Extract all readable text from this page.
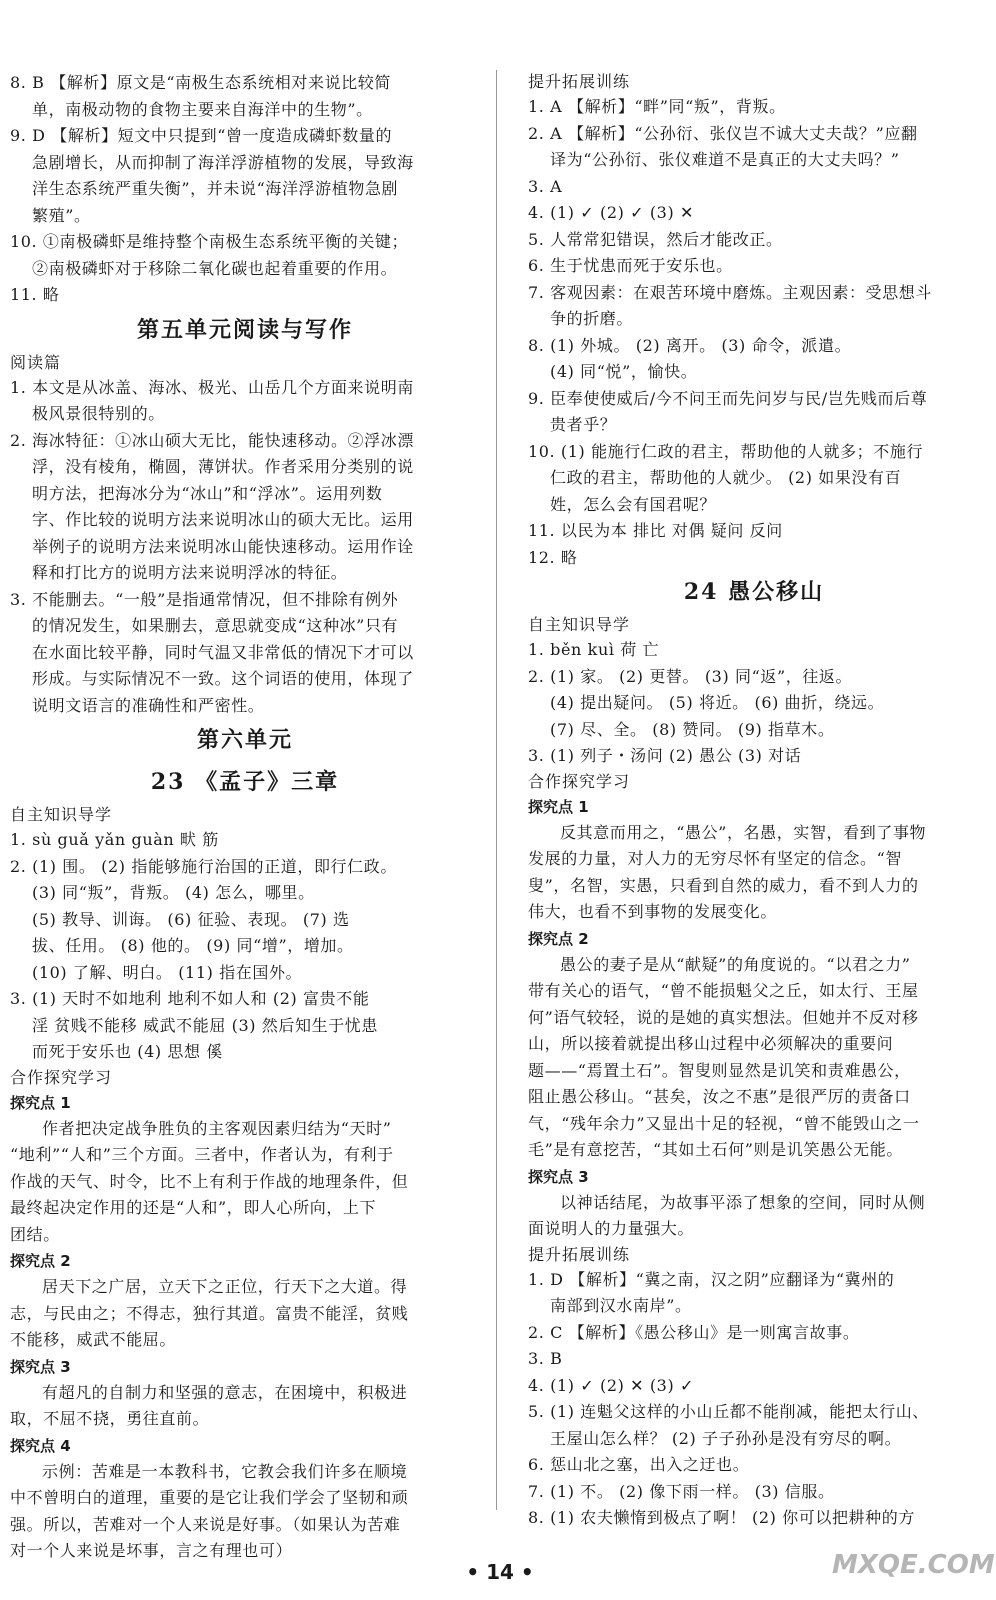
8. B 【解析】原文是“南极生态系统相对来说比较简
单，南极动物的食物主要来自海洋中的生物”。
9. D 【解析】短文中只提到“曾一度造成磷虾数量的
急剧增长，从而抑制了海洋浮游植物的发展，导致海
洋生态系统严重失衡”，并未说“海洋浮游植物急剧
繁殖”。
10. ①南极磷虾是维持整个南极生态系统平衡的关键；
②南极磷虾对于移除二氧化碳也起着重要的作用。
11. 略
第五单元阅读与写作
阅读篇
1. 本文是从冰盖、海冰、极光、山岳几个方面来说明南
极风景很特别的。
2. 海冰特征：①冰山硕大无比，能快速移动。②浮冰漂
浮，没有棱角，椭圆，薄饼状。作者采用分类别的说
明方法，把海冰分为“冰山”和“浮冰”。运用列数
字、作比较的说明方法来说明冰山的硕大无比。运用
举例子的说明方法来说明冰山能快速移动。运用作诠
释和打比方的说明方法来说明浮冰的特征。
3. 不能删去。“一般”是指通常情况，但不排除有例外
的情况发生，如果删去，意思就变成“这种冰”只有
在水面比较平静，同时气温又非常低的情况下才可以
形成。与实际情况不一致。这个词语的使用，体现了
说明文语言的准确性和严密性。
第六单元
23 《孟子》三章
自主知识导学
1. sù guǎ yǎn guàn 畎 筋
2. (1) 围。 (2) 指能够施行治国的正道，即行仁政。
(3) 同“叛”，背叛。 (4) 怎么，哪里。
(5) 教导、训诲。 (6) 征验、表现。 (7) 选
拔、任用。 (8) 他的。 (9) 同“增”，增加。
(10) 了解、明白。 (11) 指在国外。
3. (1) 天时不如地利 地利不如人和 (2) 富贵不能
淫 贫贱不能移 威武不能屈 (3) 然后知生于忧患
而死于安乐也 (4) 思想 傒
合作探究学习
探究点 1
作者把决定战争胜负的主客观因素归结为“天时”
“地利”“人和”三个方面。三者中，作者认为，有利于
作战的天气、时令，比不上有利于作战的地理条件，但
最终起决定作用的还是“人和”，即人心所向，上下
团结。
探究点 2
居天下之广居，立天下之正位，行天下之大道。得
志，与民由之；不得志，独行其道。富贵不能淫，贫贱
不能移，威武不能屈。
探究点 3
有超凡的自制力和坚强的意志，在困境中，积极进
取，不屈不挠，勇往直前。
探究点 4
示例：苦难是一本教科书，它教会我们许多在顺境
中不曾明白的道理，重要的是它让我们学会了坚韧和顽
强。所以，苦难对一个人来说是好事。（如果认为苦难
对一个人来说是坏事，言之有理也可）
提升拓展训练
1. A 【解析】“畔”同“叛”，背叛。
2. A 【解析】“公孙衍、张仪岂不诚大丈夫哉？”应翻
译为“公孙衍、张仪难道不是真正的大丈夫吗？”
3. A
4. (1) ✓ (2) ✓ (3) ✕
5. 人常常犯错误，然后才能改正。
6. 生于忧患而死于安乐也。
7. 客观因素：在艰苦环境中磨炼。主观因素：受思想斗
争的折磨。
8. (1) 外城。 (2) 离开。 (3) 命令，派遣。
(4) 同“悦”，愉快。
9. 臣奉使使威后/今不问王而先问岁与民/岂先贱而后尊
贵者乎？
10. (1) 能施行仁政的君主，帮助他的人就多；不施行
仁政的君主，帮助他的人就少。 (2) 如果没有百
姓，怎么会有国君呢？
11. 以民为本 排比 对偶 疑问 反问
12. 略
24 愚公移山
自主知识导学
1. běn kuì 荷 亡
2. (1) 家。 (2) 更替。 (3) 同“返”，往返。
(4) 提出疑问。 (5) 将近。 (6) 曲折，绕远。
(7) 尽、全。 (8) 赞同。 (9) 指草木。
3. (1) 列子・汤问 (2) 愚公 (3) 对话
合作探究学习
探究点 1
反其意而用之，“愚公”，名愚，实智，看到了事物
发展的力量，对人力的无穷尽怀有坚定的信念。“智
叟”，名智，实愚，只看到自然的威力，看不到人力的
伟大，也看不到事物的发展变化。
探究点 2
愚公的妻子是从“献疑”的角度说的。“以君之力”
带有关心的语气，“曾不能损魁父之丘，如太行、王屋
何”语气较轻，说的是她的真实想法。但她并不反对移
山，所以接着就提出移山过程中必须解决的重要问
题——“焉置土石”。智叟则显然是讥笑和责难愚公，
阻止愚公移山。“甚矣，汝之不惠”是很严厉的责备口
气，“残年余力”又显出十足的轻视，“曾不能毁山之一
毛”是有意挖苦，“其如土石何”则是讥笑愚公无能。
探究点 3
以神话结尾，为故事平添了想象的空间，同时从侧
面说明人的力量强大。
提升拓展训练
1. D 【解析】“冀之南，汉之阴”应翻译为“冀州的
南部到汉水南岸”。
2. C 【解析】《愚公移山》是一则寓言故事。
3. B
4. (1) ✓ (2) ✕ (3) ✓
5. (1) 连魁父这样的小山丘都不能削减，能把太行山、
王屋山怎么样？ (2) 子子孙孙是没有穷尽的啊。
6. 惩山北之塞，出入之迂也。
7. (1) 不。 (2) 像下雨一样。 (3) 信服。
8. (1) 农夫懒惰到极点了啊！ (2) 你可以把耕种的方
• 14 •	MXQE.COM
